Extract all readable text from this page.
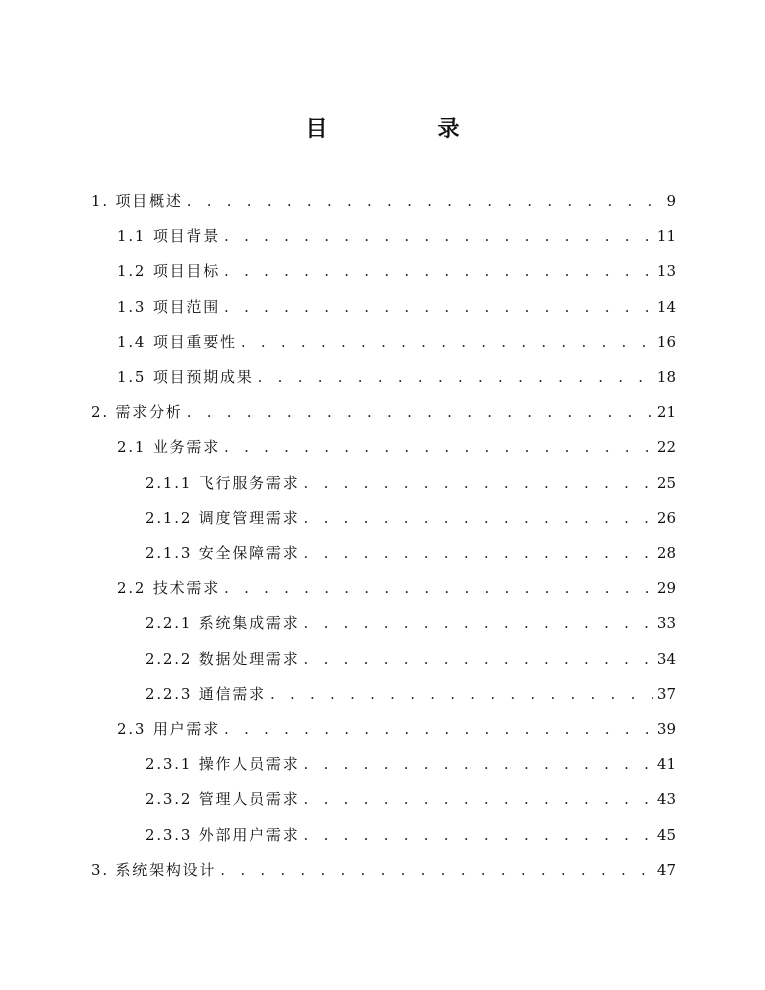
目　录
1. 项目概述 . . .	9
1.1 项目背景 . . .	11
1.2 项目目标 . . .	13
1.3 项目范围 . . .	14
1.4 项目重要性 . . .	16
1.5 项目预期成果 . . .	18
2. 需求分析 . . .	21
2.1 业务需求 . . .	22
2.1.1 飞行服务需求 . . .	25
2.1.2 调度管理需求 . . .	26
2.1.3 安全保障需求 . . .	28
2.2 技术需求 . . .	29
2.2.1 系统集成需求 . . .	33
2.2.2 数据处理需求 . . .	34
2.2.3 通信需求 . . .	37
2.3 用户需求 . . .	39
2.3.1 操作人员需求 . . .	41
2.3.2 管理人员需求 . . .	43
2.3.3 外部用户需求 . . .	45
3. 系统架构设计 . . .	47
